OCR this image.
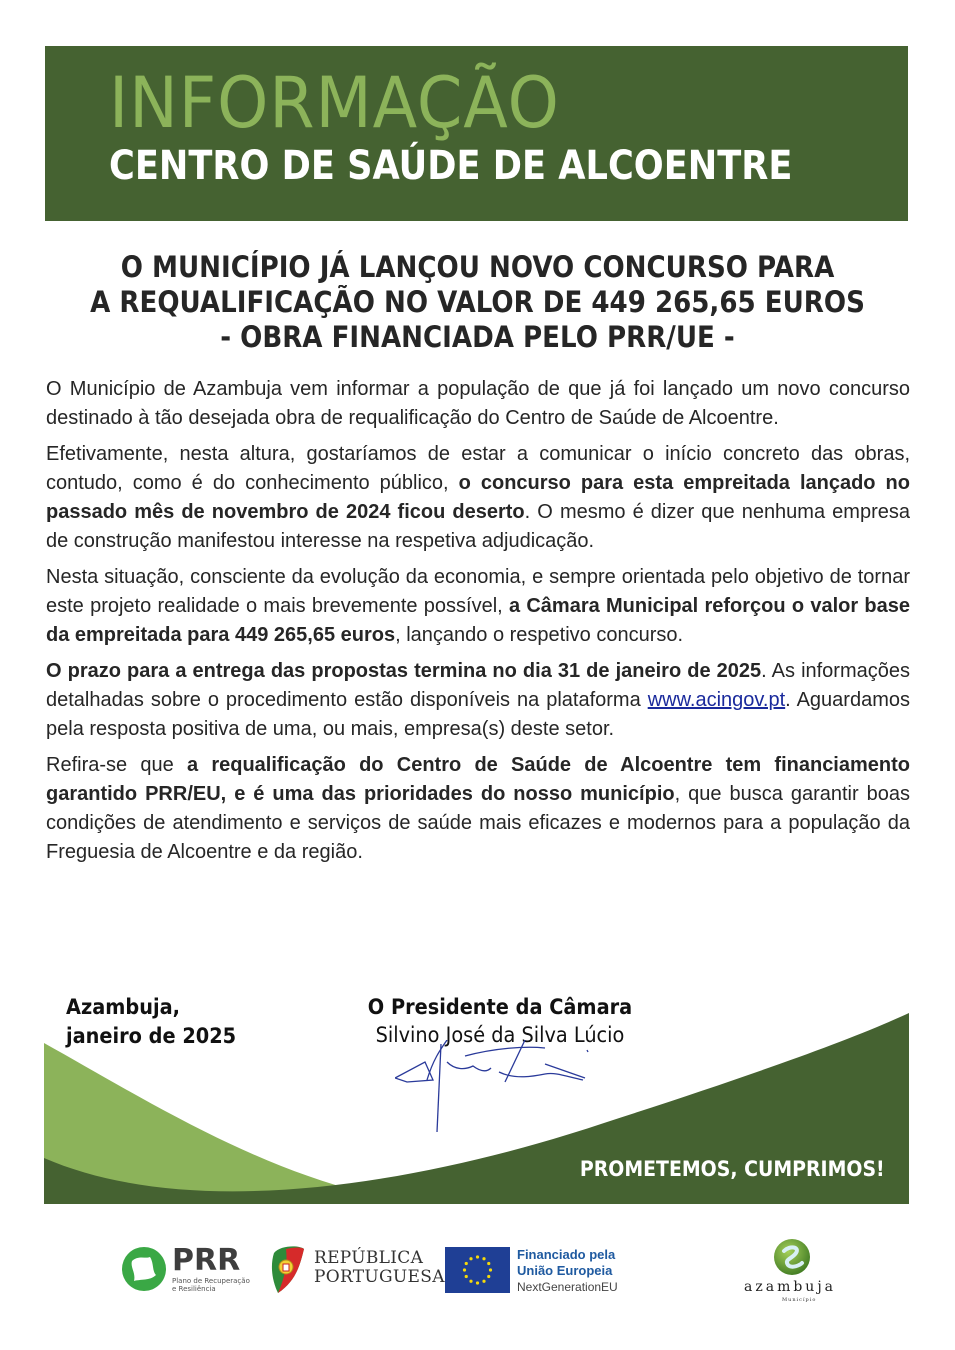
INFORMAÇÃO
CENTRO DE SAÚDE DE ALCOENTRE
O MUNICÍPIO JÁ LANÇOU NOVO CONCURSO PARA
A REQUALIFICAÇÃO NO VALOR DE 449 265,65 EUROS
- OBRA FINANCIADA PELO PRR/UE -

O Município de Azambuja vem informar a população de que já foi lançado um novo concurso destinado à tão desejada obra de requalificação do Centro de Saúde de Alcoentre.

Efetivamente, nesta altura, gostaríamos de estar a comunicar o início concreto das obras, contudo, como é do conhecimento público, o concurso para esta empreitada lançado no passado mês de novembro de 2024 ficou deserto. O mesmo é dizer que nenhuma empresa de construção manifestou interesse na respetiva adjudicação.

Nesta situação, consciente da evolução da economia, e sempre orientada pelo objetivo de tornar este projeto realidade o mais brevemente possível, a Câmara Municipal reforçou o valor base da empreitada para 449 265,65 euros, lançando o respetivo concurso.

O prazo para a entrega das propostas termina no dia 31 de janeiro de 2025. As informações detalhadas sobre o procedimento estão disponíveis na plataforma www.acingov.pt. Aguardamos pela resposta positiva de uma, ou mais, empresa(s) deste setor.

Refira-se que a requalificação do Centro de Saúde de Alcoentre tem financiamento garantido PRR/EU, e é uma das prioridades do nosso município, que busca garantir boas condições de atendimento e serviços de saúde mais eficazes e modernos para a população da Freguesia de Alcoentre e da região.

Azambuja,
janeiro de 2025
O Presidente da Câmara
Silvino José da Silva Lúcio
PROMETEMOS, CUMPRIMOS!
PRR
Plano de Recuperação
e Resiliência
REPÚBLICA
PORTUGUESA
Financiado pela
União Europeia
NextGenerationEU	azambuja
Município
